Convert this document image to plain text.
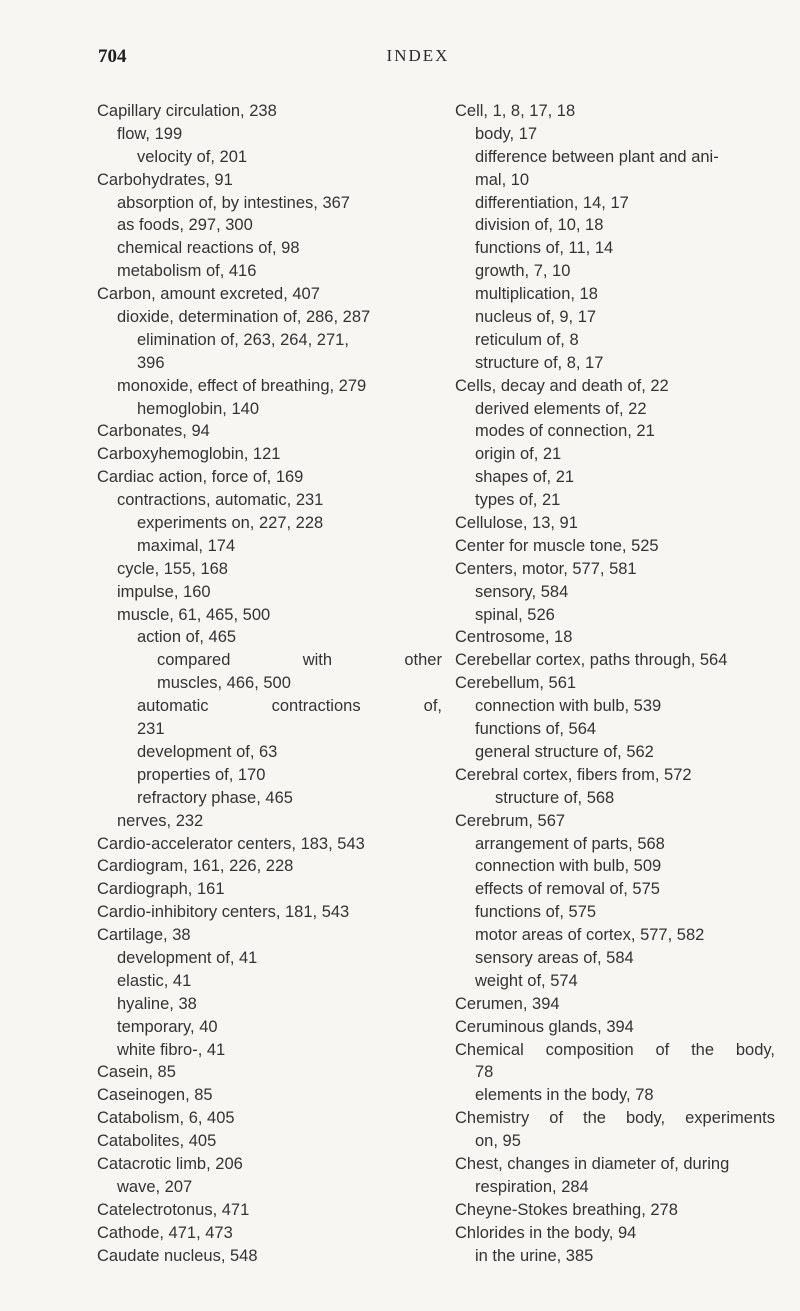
704	INDEX
Capillary circulation, 238
flow, 199
velocity of, 201
Carbohydrates, 91
absorption of, by intestines, 367
as foods, 297, 300
chemical reactions of, 98
metabolism of, 416
Carbon, amount excreted, 407
dioxide, determination of, 286, 287
elimination of, 263, 264, 271,
396
monoxide, effect of breathing, 279
hemoglobin, 140
Carbonates, 94
Carboxyhemoglobin, 121
Cardiac action, force of, 169
contractions, automatic, 231
experiments on, 227, 228
maximal, 174
cycle, 155, 168
impulse, 160
muscle, 61, 465, 500
action of, 465
compared	with	other
muscles, 466, 500
automatic	contractions	of,
231
development of, 63
properties of, 170
refractory phase, 465
nerves, 232
Cardio-accelerator centers, 183, 543
Cardiogram, 161, 226, 228
Cardiograph, 161
Cardio-inhibitory centers, 181, 543
Cartilage, 38
development of, 41
elastic, 41
hyaline, 38
temporary, 40
white fibro-, 41
Casein, 85
Caseinogen, 85
Catabolism, 6, 405
Catabolites, 405
Catacrotic limb, 206
wave, 207
Catelectrotonus, 471
Cathode, 471, 473
Caudate nucleus, 548
Cell, 1, 8, 17, 18
body, 17
difference between plant and ani-
mal, 10
differentiation, 14, 17
division of, 10, 18
functions of, 11, 14
growth, 7, 10
multiplication, 18
nucleus of, 9, 17
reticulum of, 8
structure of, 8, 17
Cells, decay and death of, 22
derived elements of, 22
modes of connection, 21
origin of, 21
shapes of, 21
types of, 21
Cellulose, 13, 91
Center for muscle tone, 525
Centers, motor, 577, 581
sensory, 584
spinal, 526
Centrosome, 18
Cerebellar cortex, paths through, 564
Cerebellum, 561
connection with bulb, 539
functions of, 564
general structure of, 562
Cerebral cortex, fibers from, 572
structure of, 568
Cerebrum, 567
arrangement of parts, 568
connection with bulb, 509
effects of removal of, 575
functions of, 575
motor areas of cortex, 577, 582
sensory areas of, 584
weight of, 574
Cerumen, 394
Ceruminous glands, 394
Chemical composition of the body,
78
elements in the body, 78
Chemistry of the body, experiments
on, 95
Chest, changes in diameter of, during
respiration, 284
Cheyne-Stokes breathing, 278
Chlorides in the body, 94
in the urine, 385
